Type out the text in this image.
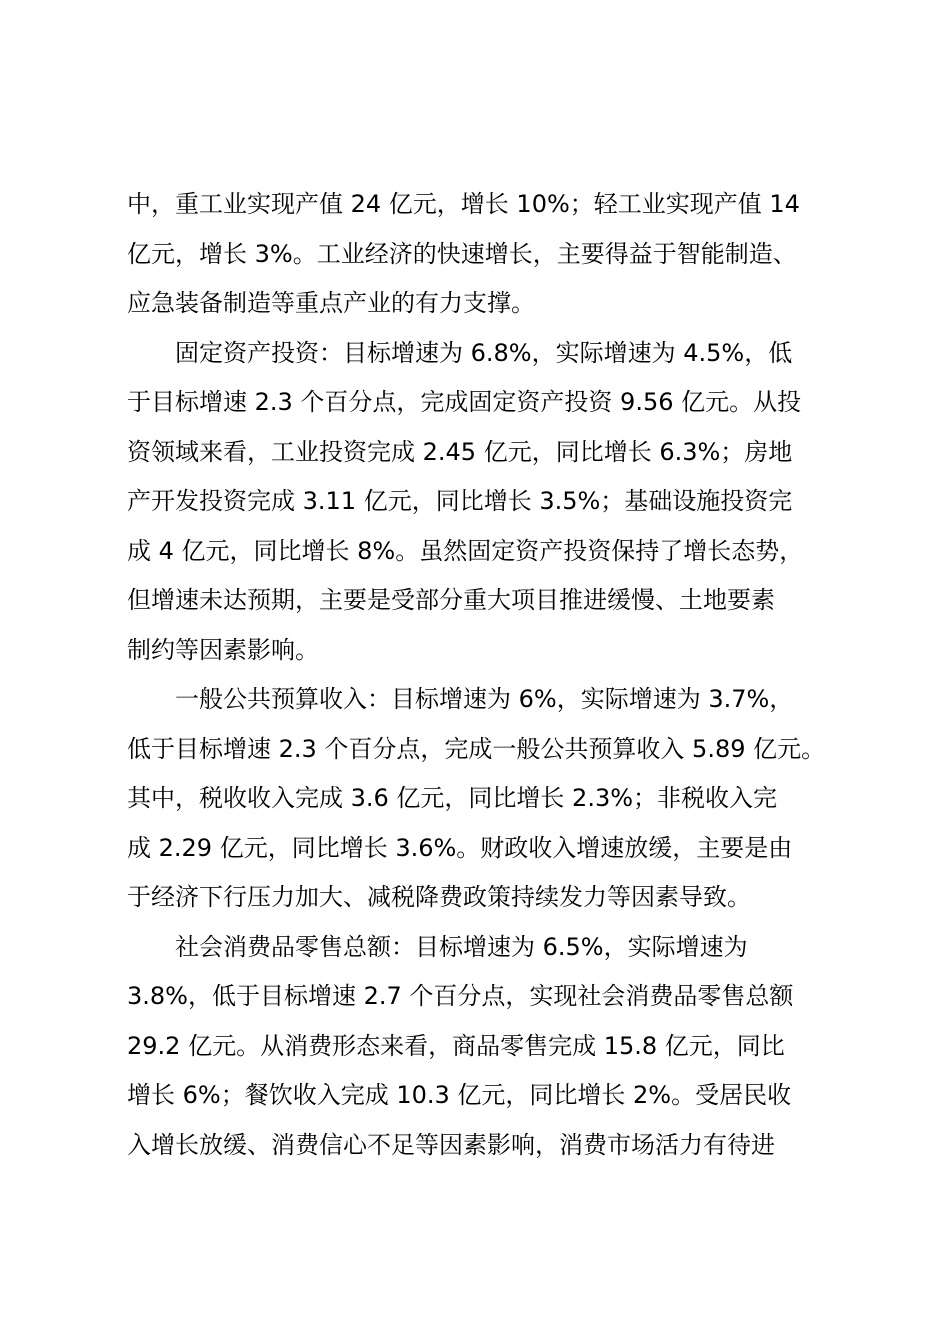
中，重工业实现产值 24 亿元，增长 10%；轻工业实现产值 14
亿元，增长 3%。工业经济的快速增长，主要得益于智能制造、
应急装备制造等重点产业的有力支撑。
　　固定资产投资：目标增速为 6.8%，实际增速为 4.5%，低
于目标增速 2.3 个百分点，完成固定资产投资 9.56 亿元。从投
资领域来看，工业投资完成 2.45 亿元，同比增长 6.3%；房地
产开发投资完成 3.11 亿元，同比增长 3.5%；基础设施投资完
成 4 亿元，同比增长 8%。虽然固定资产投资保持了增长态势，
但增速未达预期，主要是受部分重大项目推进缓慢、土地要素
制约等因素影响。
　　一般公共预算收入：目标增速为 6%，实际增速为 3.7%，
低于目标增速 2.3 个百分点，完成一般公共预算收入 5.89 亿元。
其中，税收收入完成 3.6 亿元，同比增长 2.3%；非税收入完
成 2.29 亿元，同比增长 3.6%。财政收入增速放缓，主要是由
于经济下行压力加大、减税降费政策持续发力等因素导致。
　　社会消费品零售总额：目标增速为 6.5%，实际增速为
3.8%，低于目标增速 2.7 个百分点，实现社会消费品零售总额
29.2 亿元。从消费形态来看，商品零售完成 15.8 亿元，同比
增长 6%；餐饮收入完成 10.3 亿元，同比增长 2%。受居民收
入增长放缓、消费信心不足等因素影响，消费市场活力有待进
